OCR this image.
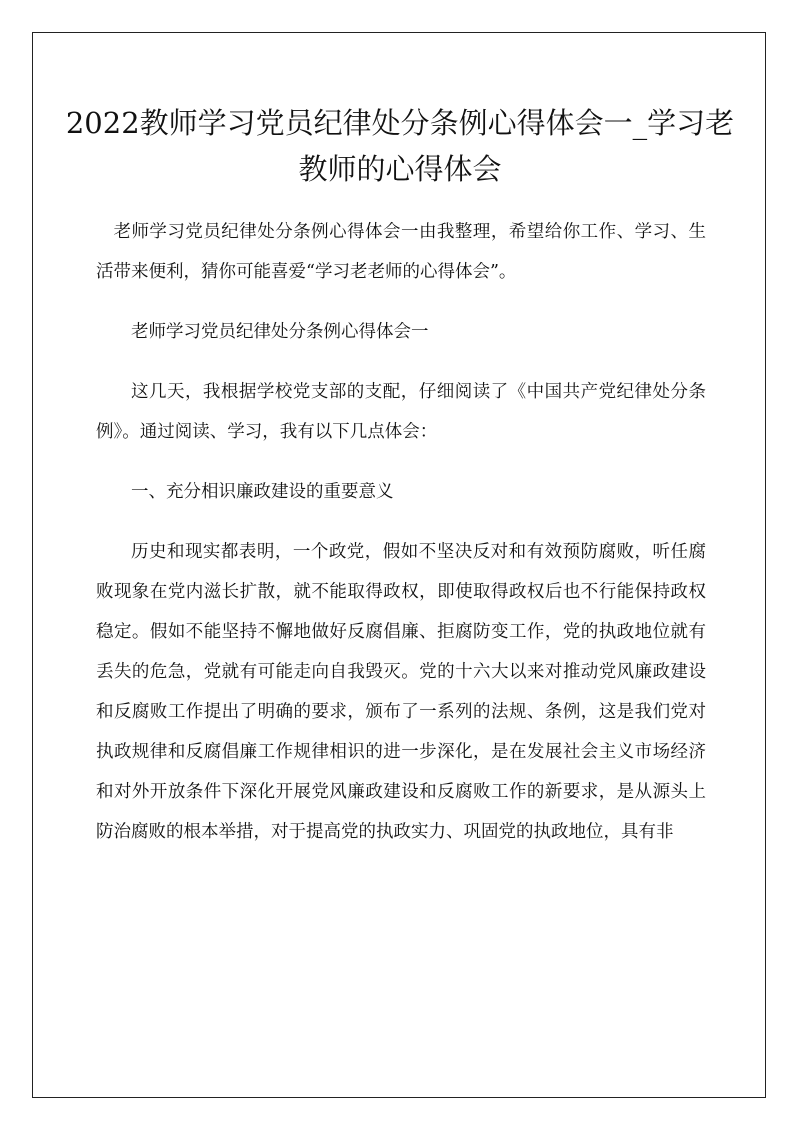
2022教师学习党员纪律处分条例心得体会一_学习老教师的心得体会

老师学习党员纪律处分条例心得体会一由我整理，希望给你工作、学习、生活带来便利，猜你可能喜爱“学习老老师的心得体会”。

老师学习党员纪律处分条例心得体会一

这几天，我根据学校党支部的支配，仔细阅读了《中国共产党纪律处分条例》。通过阅读、学习，我有以下几点体会：

一、充分相识廉政建设的重要意义

历史和现实都表明，一个政党，假如不坚决反对和有效预防腐败，听任腐败现象在党内滋长扩散，就不能取得政权，即使取得政权后也不行能保持政权稳定。假如不能坚持不懈地做好反腐倡廉、拒腐防变工作，党的执政地位就有丢失的危急，党就有可能走向自我毁灭。党的十六大以来对推动党风廉政建设和反腐败工作提出了明确的要求，颁布了一系列的法规、条例，这是我们党对执政规律和反腐倡廉工作规律相识的进一步深化，是在发展社会主义市场经济和对外开放条件下深化开展党风廉政建设和反腐败工作的新要求，是从源头上防治腐败的根本举措，对于提高党的执政实力、巩固党的执政地位，具有非
